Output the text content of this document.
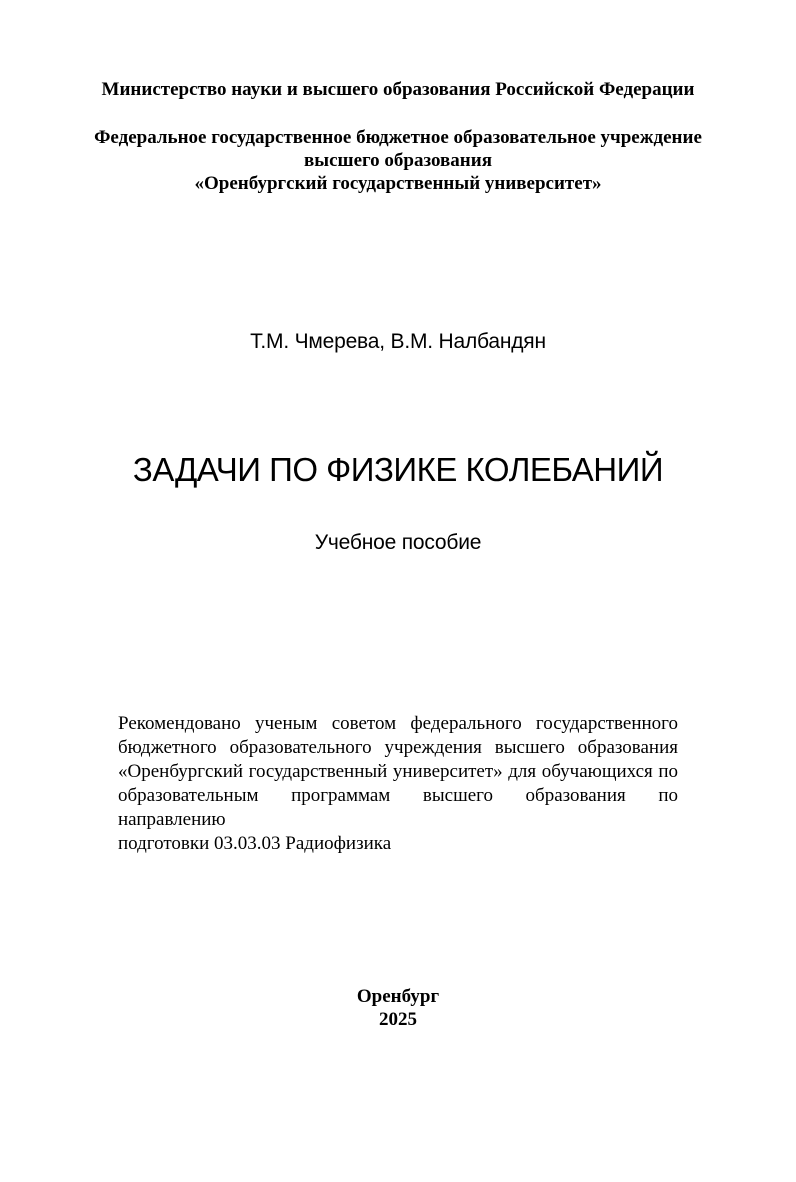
Министерство науки и высшего образования Российской Федерации
Федеральное государственное бюджетное образовательное учреждение
высшего образования
«Оренбургский государственный университет»
Т.М. Чмерева, В.М. Налбандян
ЗАДАЧИ ПО ФИЗИКЕ КОЛЕБАНИЙ
Учебное пособие
Рекомендовано ученым советом федерального государственного
бюджетного образовательного учреждения высшего образования
«Оренбургский государственный университет» для обучающихся по
образовательным программам высшего образования по направлению
подготовки 03.03.03 Радиофизика
Оренбург
2025
